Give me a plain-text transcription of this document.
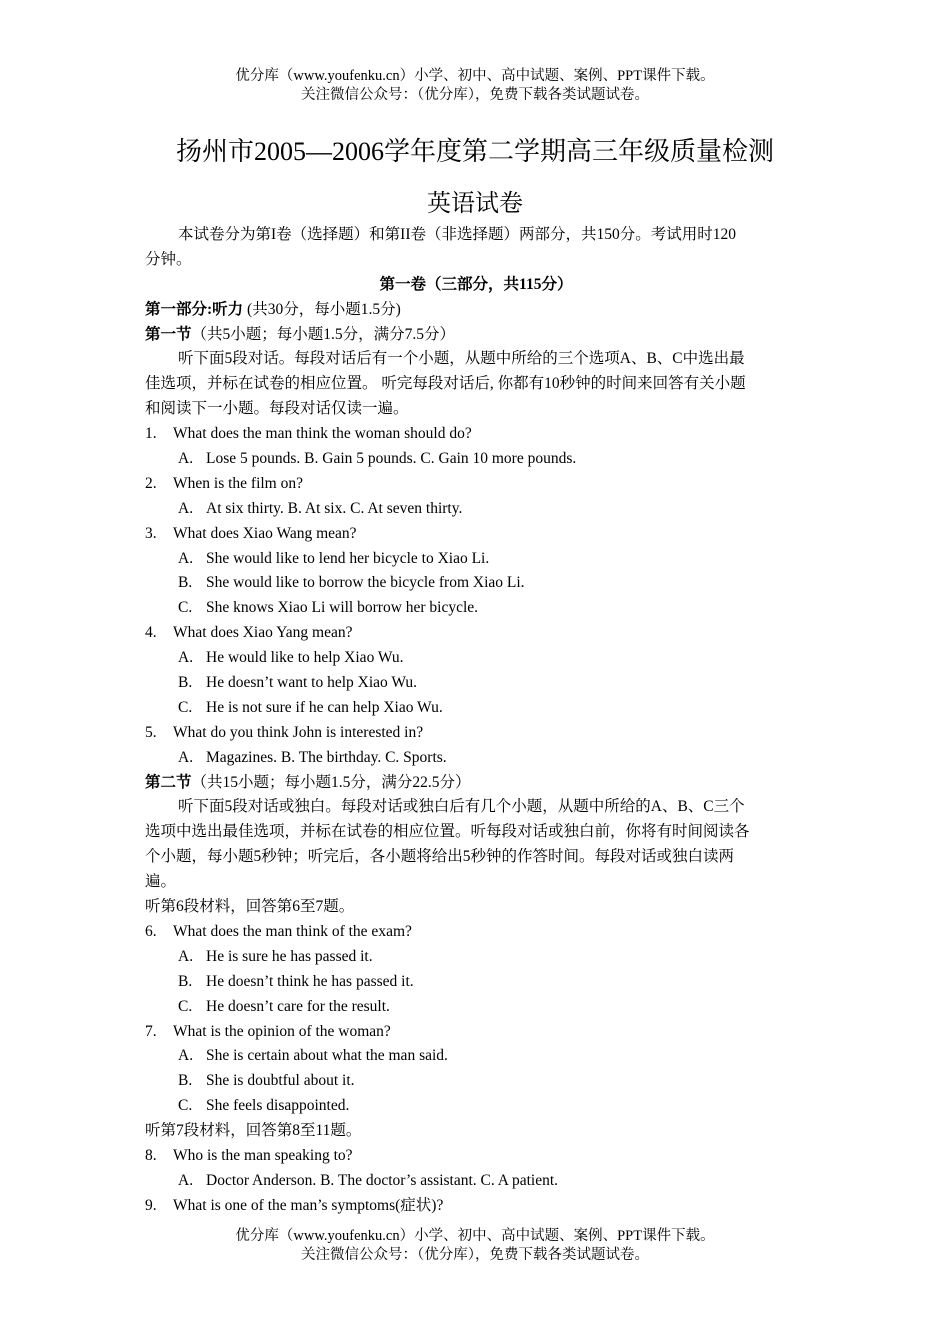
优分库（www.youfenku.cn）小学、初中、高中试题、案例、PPT课件下载。
关注微信公众号：（优分库），免费下载各类试题试卷。
扬州市2005—2006学年度第二学期高三年级质量检测
英语试卷
本试卷分为第I卷（选择题）和第II卷（非选择题）两部分，共150分。考试用时120
分钟。
第一卷（三部分，共115分）
第一部分:听力 (共30分，每小题1.5分)
第一节（共5小题；每小题1.5分，满分7.5分）
听下面5段对话。每段对话后有一个小题，从题中所给的三个选项A、B、C中选出最
佳选项，并标在试卷的相应位置。 听完每段对话后, 你都有10秒钟的时间来回答有关小题
和阅读下一小题。每段对话仅读一遍。
1. What does the man think the woman should do?
A. Lose 5 pounds. B. Gain 5 pounds. C. Gain 10 more pounds.
2. When is the film on?
A. At six thirty. B. At six. C. At seven thirty.
3. What does Xiao Wang mean?
A. She would like to lend her bicycle to Xiao Li.
B. She would like to borrow the bicycle from Xiao Li.
C. She knows Xiao Li will borrow her bicycle.
4. What does Xiao Yang mean?
A. He would like to help Xiao Wu.
B. He doesn’t want to help Xiao Wu.
C. He is not sure if he can help Xiao Wu.
5. What do you think John is interested in?
A. Magazines. B. The birthday. C. Sports.
第二节（共15小题；每小题1.5分，满分22.5分）
听下面5段对话或独白。每段对话或独白后有几个小题，从题中所给的A、B、C三个
选项中选出最佳选项，并标在试卷的相应位置。听每段对话或独白前，你将有时间阅读各
个小题，每小题5秒钟；听完后，各小题将给出5秒钟的作答时间。每段对话或独白读两
遍。
听第6段材料，回答第6至7题。
6. What does the man think of the exam?
A. He is sure he has passed it.
B. He doesn’t think he has passed it.
C. He doesn’t care for the result.
7. What is the opinion of the woman?
A. She is certain about what the man said.
B. She is doubtful about it.
C. She feels disappointed.
听第7段材料，回答第8至11题。
8. Who is the man speaking to?
A. Doctor Anderson. B. The doctor’s assistant. C. A patient.
9. What is one of the man’s symptoms(症状)?
优分库（www.youfenku.cn）小学、初中、高中试题、案例、PPT课件下载。
关注微信公众号：（优分库），免费下载各类试题试卷。
